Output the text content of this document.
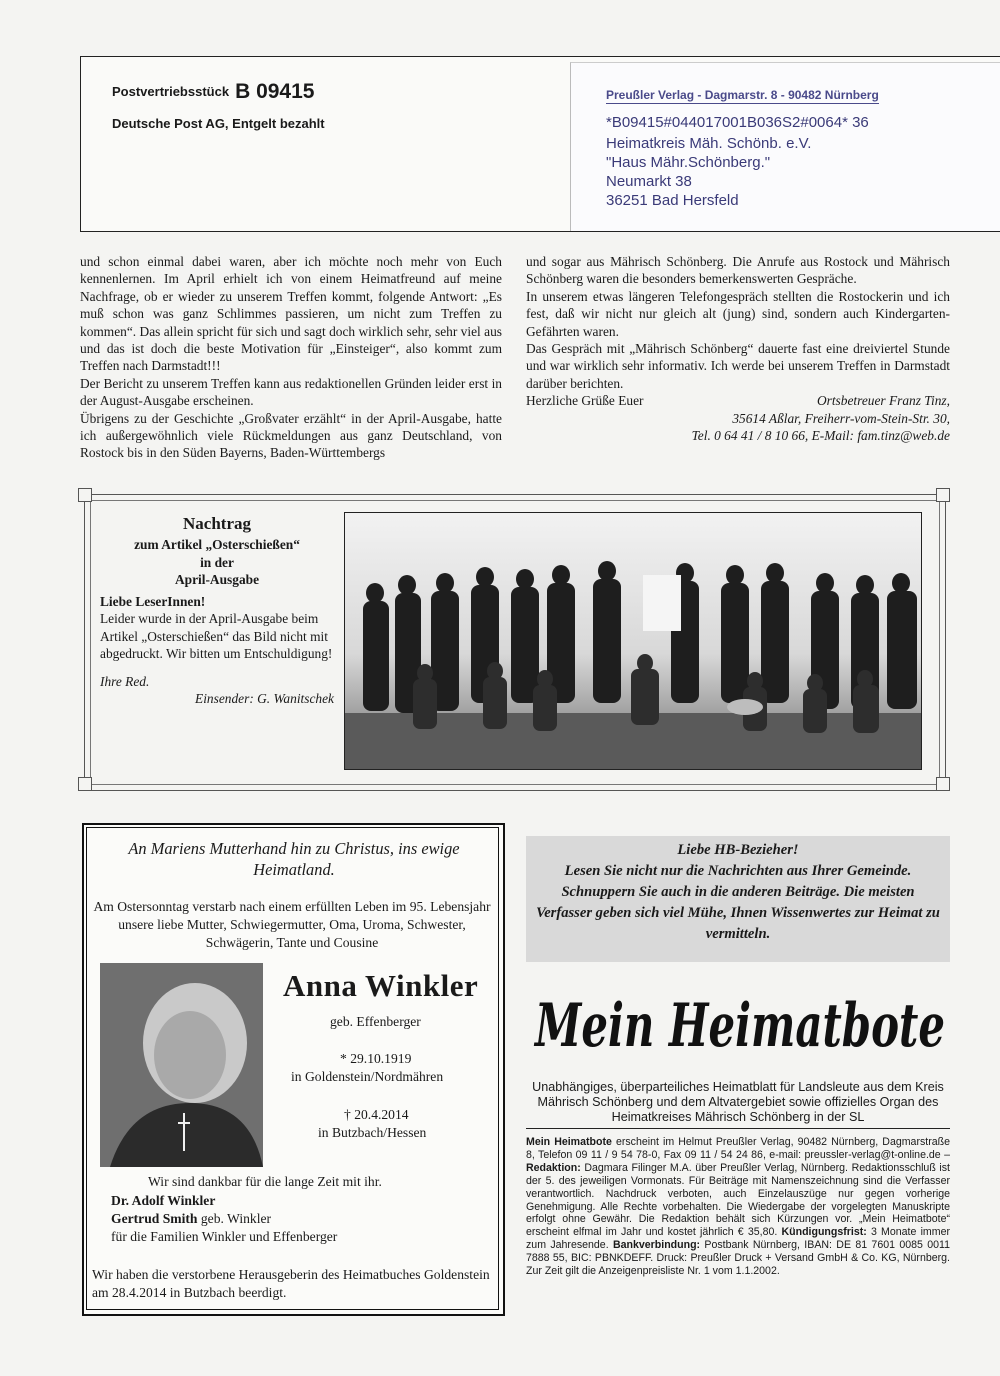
Postvertriebsstück B 09415
Deutsche Post AG, Entgelt bezahlt
Preußler Verlag - Dagmarstr. 8 - 90482 Nürnberg
*B09415#044017001B036S2#0064* 36
Heimatkreis Mäh. Schönb. e.V.
"Haus Mähr.Schönberg."
Neumarkt 38
36251 Bad Hersfeld

und schon einmal dabei waren, aber ich möchte noch mehr von Euch kennenlernen. Im April erhielt ich von einem Heimatfreund auf meine Nachfrage, ob er wieder zu unserem Treffen kommt, folgende Antwort: „Es muß schon was ganz Schlimmes passieren, um nicht zum Treffen zu kommen“. Das allein spricht für sich und sagt doch wirklich sehr, sehr viel aus und das ist doch die beste Motivation für „Einsteiger“, also kommt zum Treffen nach Darmstadt!!!

Der Bericht zu unserem Treffen kann aus redaktionellen Gründen leider erst in der August-Ausgabe erscheinen.

Übrigens zu der Geschichte „Großvater erzählt“ in der April-Ausgabe, hatte ich außergewöhnlich viele Rückmeldungen aus ganz Deutschland, von Rostock bis in den Süden Bayerns, Baden-Württembergs

und sogar aus Mährisch Schönberg. Die Anrufe aus Rostock und Mährisch Schönberg waren die besonders bemerkenswerten Gespräche.

In unserem etwas längeren Telefongespräch stellten die Rostockerin und ich fest, daß wir nicht nur gleich alt (jung) sind, sondern auch Kindergarten-Gefährten waren.

Das Gespräch mit „Mährisch Schönberg“ dauerte fast eine dreiviertel Stunde und war wirklich sehr informativ. Ich werde bei unserem Treffen in Darmstadt darüber berichten.

Herzliche Grüße Euer	Ortsbetreuer Franz Tinz,
35614 Aßlar, Freiherr-vom-Stein-Str. 30,
Tel. 0 64 41 / 8 10 66, E-Mail: fam.tinz@web.de
Nachtrag
zum Artikel „Osterschießen“
in der
April-Ausgabe
Liebe LeserInnen!
Leider wurde in der April-Ausgabe beim Artikel „Osterschießen“ das Bild nicht mit abgedruckt. Wir bitten um Entschuldigung!
Ihre Red.
Einsender: G. Wanitschek
An Mariens Mutterhand hin zu Christus, ins ewige Heimatland.
Am Ostersonntag verstarb nach einem erfüllten Leben im 95. Lebensjahr unsere liebe Mutter, Schwiegermutter, Oma, Uroma, Schwester, Schwägerin, Tante und Cousine
Anna Winkler
geb. Effenberger
* 29.10.1919
in Goldenstein/Nordmähren
† 20.4.2014
in Butzbach/Hessen
Wir sind dankbar für die lange Zeit mit ihr.
Dr. Adolf Winkler
Gertrud Smith geb. Winkler
für die Familien Winkler und Effenberger
Wir haben die verstorbene Herausgeberin des Heimatbuches Goldenstein am 28.4.2014 in Butzbach beerdigt.
Liebe HB-Bezieher!
Lesen Sie nicht nur die Nachrichten aus Ihrer Gemeinde. Schnuppern Sie auch in die anderen Beiträge. Die meisten Verfasser geben sich viel Mühe, Ihnen Wissenwertes zur Heimat zu vermitteln.
Mein Heimatbote
Unabhängiges, überparteiliches Heimatblatt für Landsleute aus dem Kreis Mährisch Schönberg und dem Altvatergebiet sowie offizielles Organ des Heimatkreises Mährisch Schönberg in der SL
Mein Heimatbote erscheint im Helmut Preußler Verlag, 90482 Nürnberg, Dagmarstraße 8, Telefon 09 11 / 9 54 78-0, Fax 09 11 / 54 24 86, e-mail: preussler-verlag@t-online.de – Redaktion: Dagmara Filinger M.A. über Preußler Verlag, Nürnberg. Redaktionsschluß ist der 5. des jeweiligen Vormonats. Für Beiträge mit Namenszeichnung sind die Verfasser verantwortlich. Nachdruck verboten, auch Einzelauszüge nur gegen vorherige Genehmigung. Alle Rechte vorbehalten. Die Wiedergabe der vorgelegten Manuskripte erfolgt ohne Gewähr. Die Redaktion behält sich Kürzungen vor. „Mein Heimatbote“ erscheint elfmal im Jahr und kostet jährlich € 35,80. Kündigungsfrist: 3 Monate immer zum Jahresende. Bankverbindung: Postbank Nürnberg, IBAN: DE 81 7601 0085 0011 7888 55, BIC: PBNKDEFF. Druck: Preußler Druck + Versand GmbH & Co. KG, Nürnberg. Zur Zeit gilt die Anzeigenpreisliste Nr. 1 vom 1.1.2002.
